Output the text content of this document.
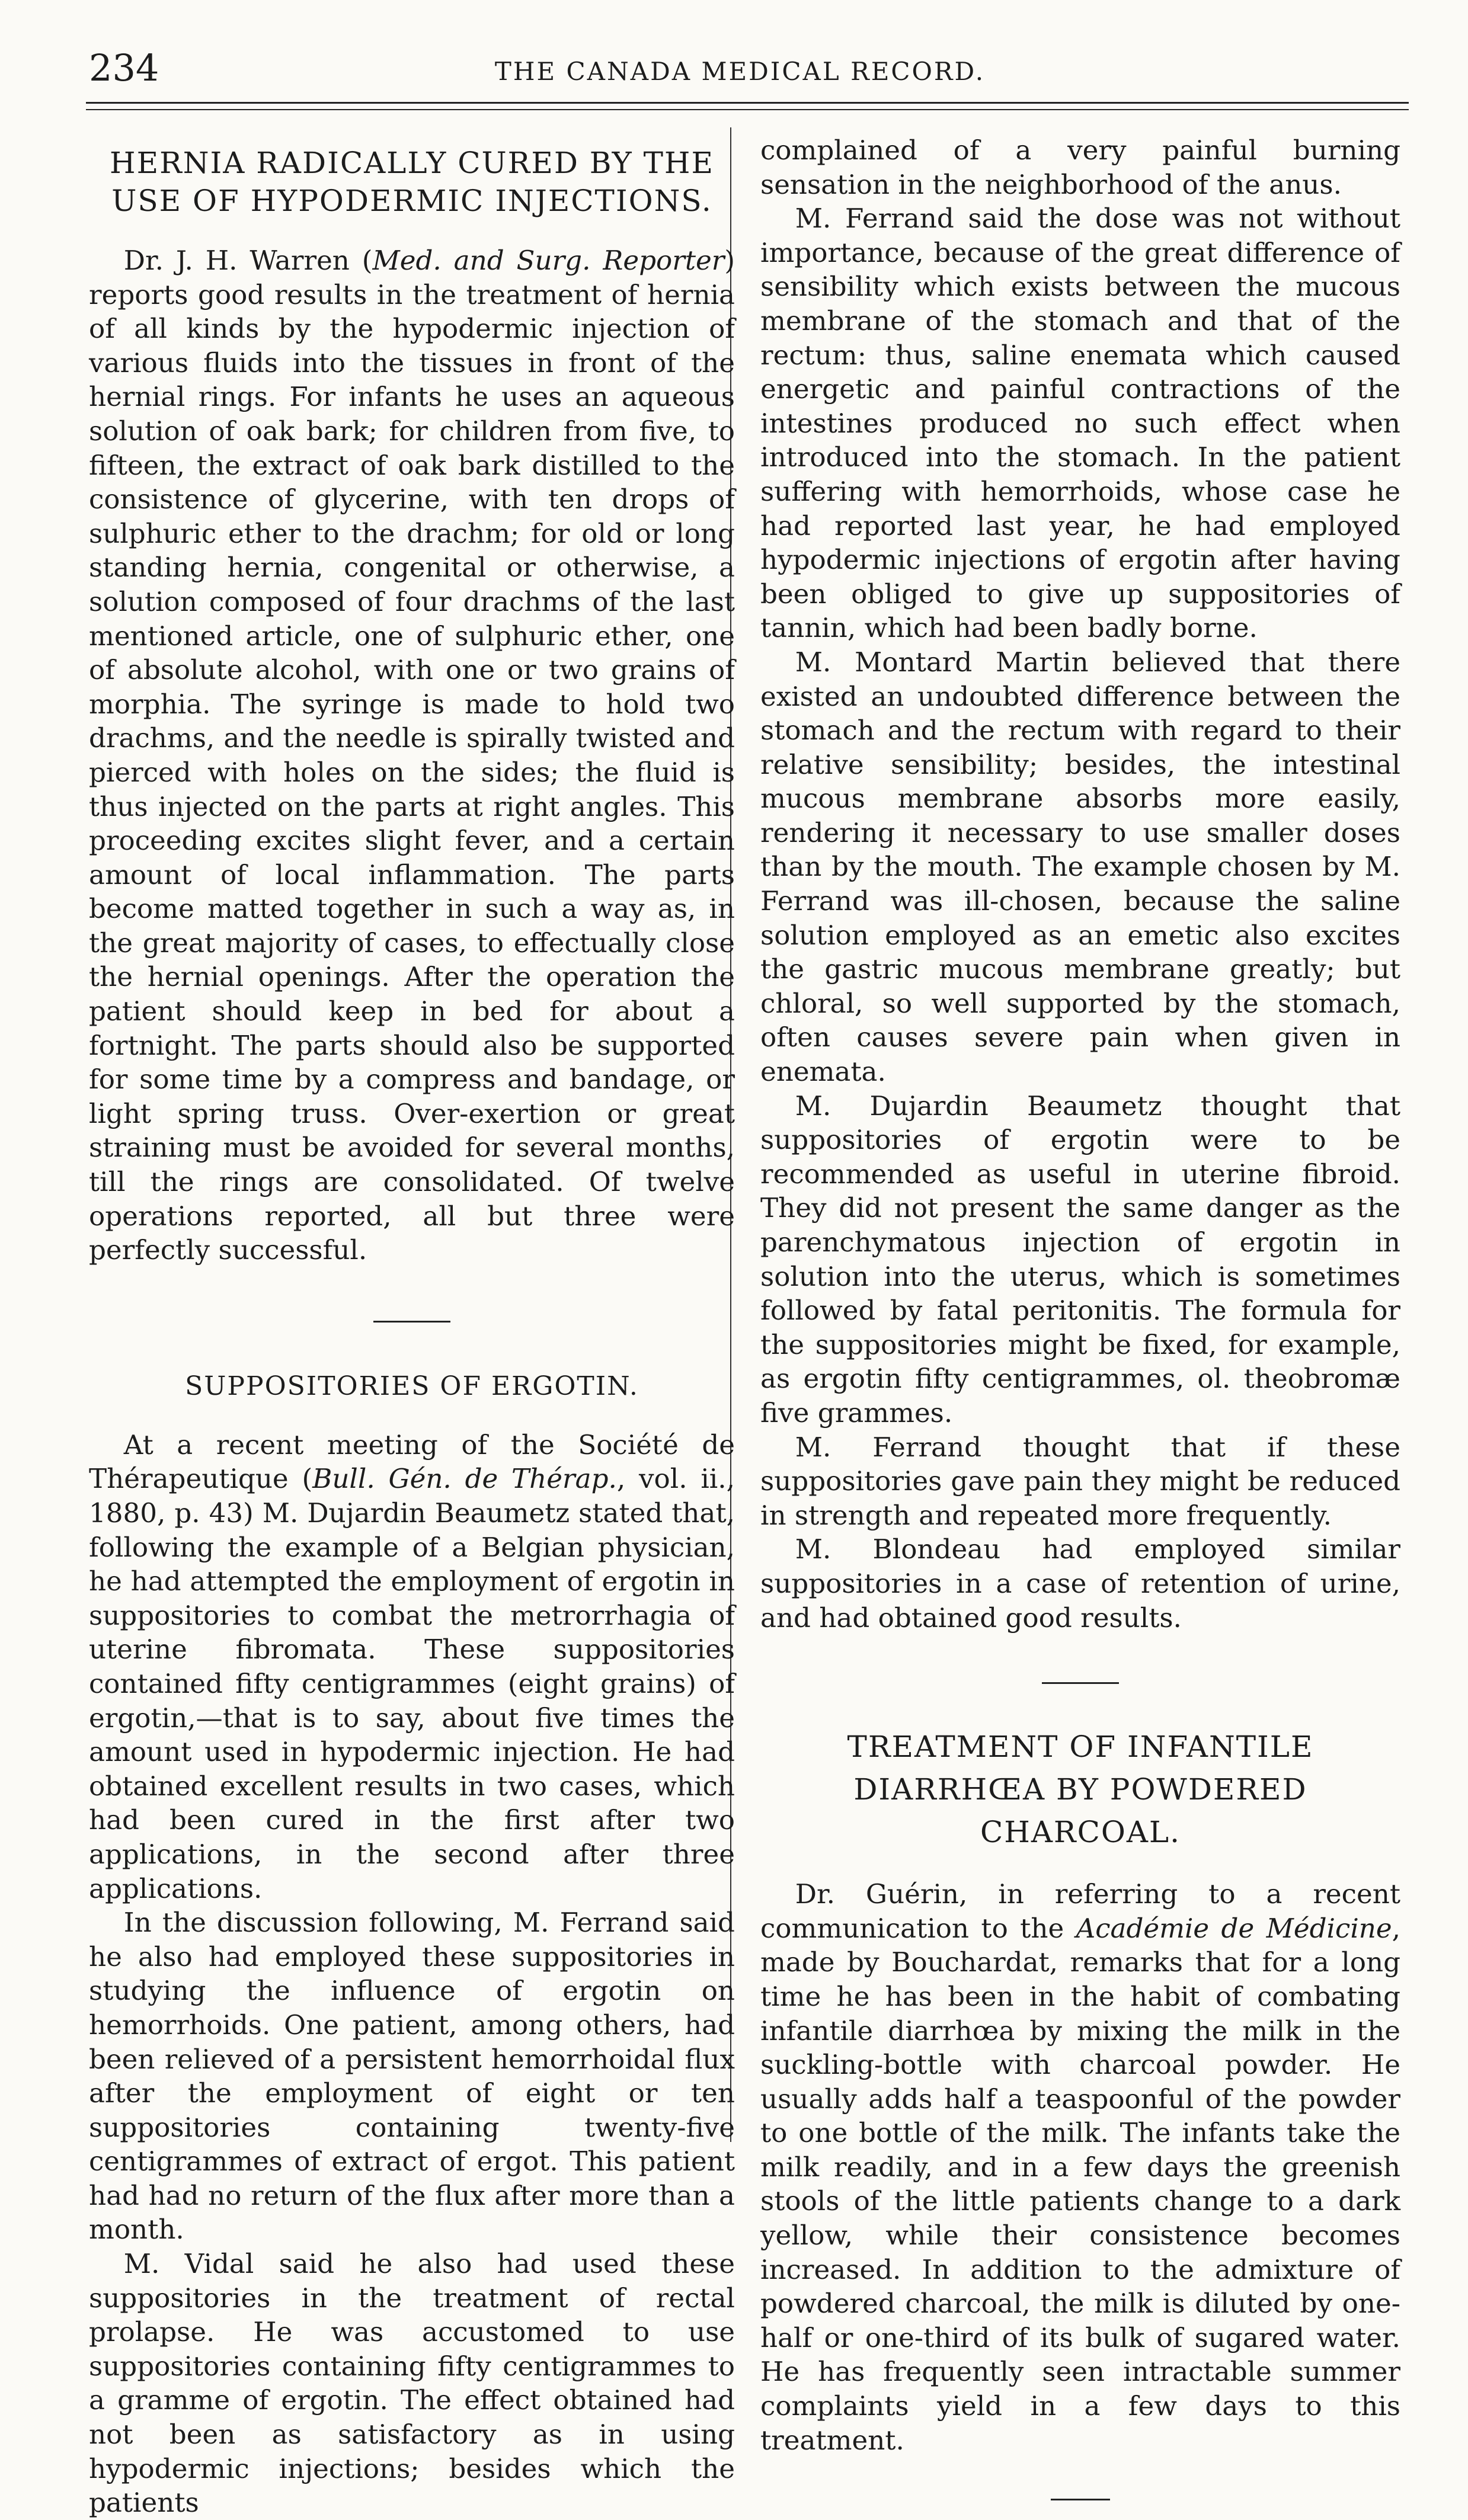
234	THE CANADA MEDICAL RECORD.
HERNIA RADICALLY CURED BY THE
USE OF HYPODERMIC INJECTIONS.

Dr. J. H. Warren (Med. and Surg. Reporter) reports good results in the treatment of hernia of all kinds by the hypodermic injection of various fluids into the tissues in front of the hernial rings. For infants he uses an aqueous solution of oak bark; for children from five, to fifteen, the extract of oak bark distilled to the consistence of glycerine, with ten drops of sulphuric ether to the drachm; for old or long standing hernia, congenital or otherwise, a solution composed of four drachms of the last mentioned article, one of sulphuric ether, one of absolute alcohol, with one or two grains of morphia. The syringe is made to hold two drachms, and the needle is spirally twisted and pierced with holes on the sides; the fluid is thus injected on the parts at right angles. This proceeding excites slight fever, and a certain amount of local inflammation. The parts become matted together in such a way as, in the great majority of cases, to effectually close the hernial openings. After the operation the patient should keep in bed for about a fortnight. The parts should also be supported for some time by a compress and bandage, or light spring truss. Over-exertion or great straining must be avoided for several months, till the rings are consolidated. Of twelve operations reported, all but three were perfectly successful.

SUPPOSITORIES OF ERGOTIN.

At a recent meeting of the Société de Thérapeutique (Bull. Gén. de Thérap., vol. ii., 1880, p. 43) M. Dujardin Beaumetz stated that, following the example of a Belgian physician, he had attempted the employment of ergotin in suppositories to combat the metrorrhagia of uterine fibromata. These suppositories contained fifty centigrammes (eight grains) of ergotin,—that is to say, about five times the amount used in hypodermic injection. He had obtained excellent results in two cases, which had been cured in the first after two applications, in the second after three applications.

In the discussion following, M. Ferrand said he also had employed these suppositories in studying the influence of ergotin on hemorrhoids. One patient, among others, had been relieved of a persistent hemorrhoidal flux after the employment of eight or ten suppositories containing twenty-five centigrammes of extract of ergot. This patient had had no return of the flux after more than a month.

M. Vidal said he also had used these suppositories in the treatment of rectal prolapse. He was accustomed to use suppositories containing fifty centigrammes to a gramme of ergotin. The effect obtained had not been as satisfactory as in using hypodermic injections; besides which the patients

complained of a very painful burning sensation in the neighborhood of the anus.

M. Ferrand said the dose was not without importance, because of the great difference of sensibility which exists between the mucous membrane of the stomach and that of the rectum: thus, saline enemata which caused energetic and painful contractions of the intestines produced no such effect when introduced into the stomach. In the patient suffering with hemorrhoids, whose case he had reported last year, he had employed hypodermic injections of ergotin after having been obliged to give up suppositories of tannin, which had been badly borne.

M. Montard Martin believed that there existed an undoubted difference between the stomach and the rectum with regard to their relative sensibility; besides, the intestinal mucous membrane absorbs more easily, rendering it necessary to use smaller doses than by the mouth. The example chosen by M. Ferrand was ill-chosen, because the saline solution employed as an emetic also excites the gastric mucous membrane greatly; but chloral, so well supported by the stomach, often causes severe pain when given in enemata.

M. Dujardin Beaumetz thought that suppositories of ergotin were to be recommended as useful in uterine fibroid. They did not present the same danger as the parenchymatous injection of ergotin in solution into the uterus, which is sometimes followed by fatal peritonitis. The formula for the suppositories might be fixed, for example, as ergotin fifty centigrammes, ol. theobromæ five grammes.

M. Ferrand thought that if these suppositories gave pain they might be reduced in strength and repeated more frequently.

M. Blondeau had employed similar suppositories in a case of retention of urine, and had obtained good results.

TREATMENT OF INFANTILE DIARRHŒA BY POWDERED CHARCOAL.

Dr. Guérin, in referring to a recent communication to the Académie de Médicine, made by Bouchardat, remarks that for a long time he has been in the habit of combating infantile diarrhœa by mixing the milk in the suckling-bottle with charcoal powder. He usually adds half a teaspoonful of the powder to one bottle of the milk. The infants take the milk readily, and in a few days the greenish stools of the little patients change to a dark yellow, while their consistence becomes increased. In addition to the admixture of powdered charcoal, the milk is diluted by one-half or one-third of its bulk of sugared water. He has frequently seen intractable summer complaints yield in a few days to this treatment.
